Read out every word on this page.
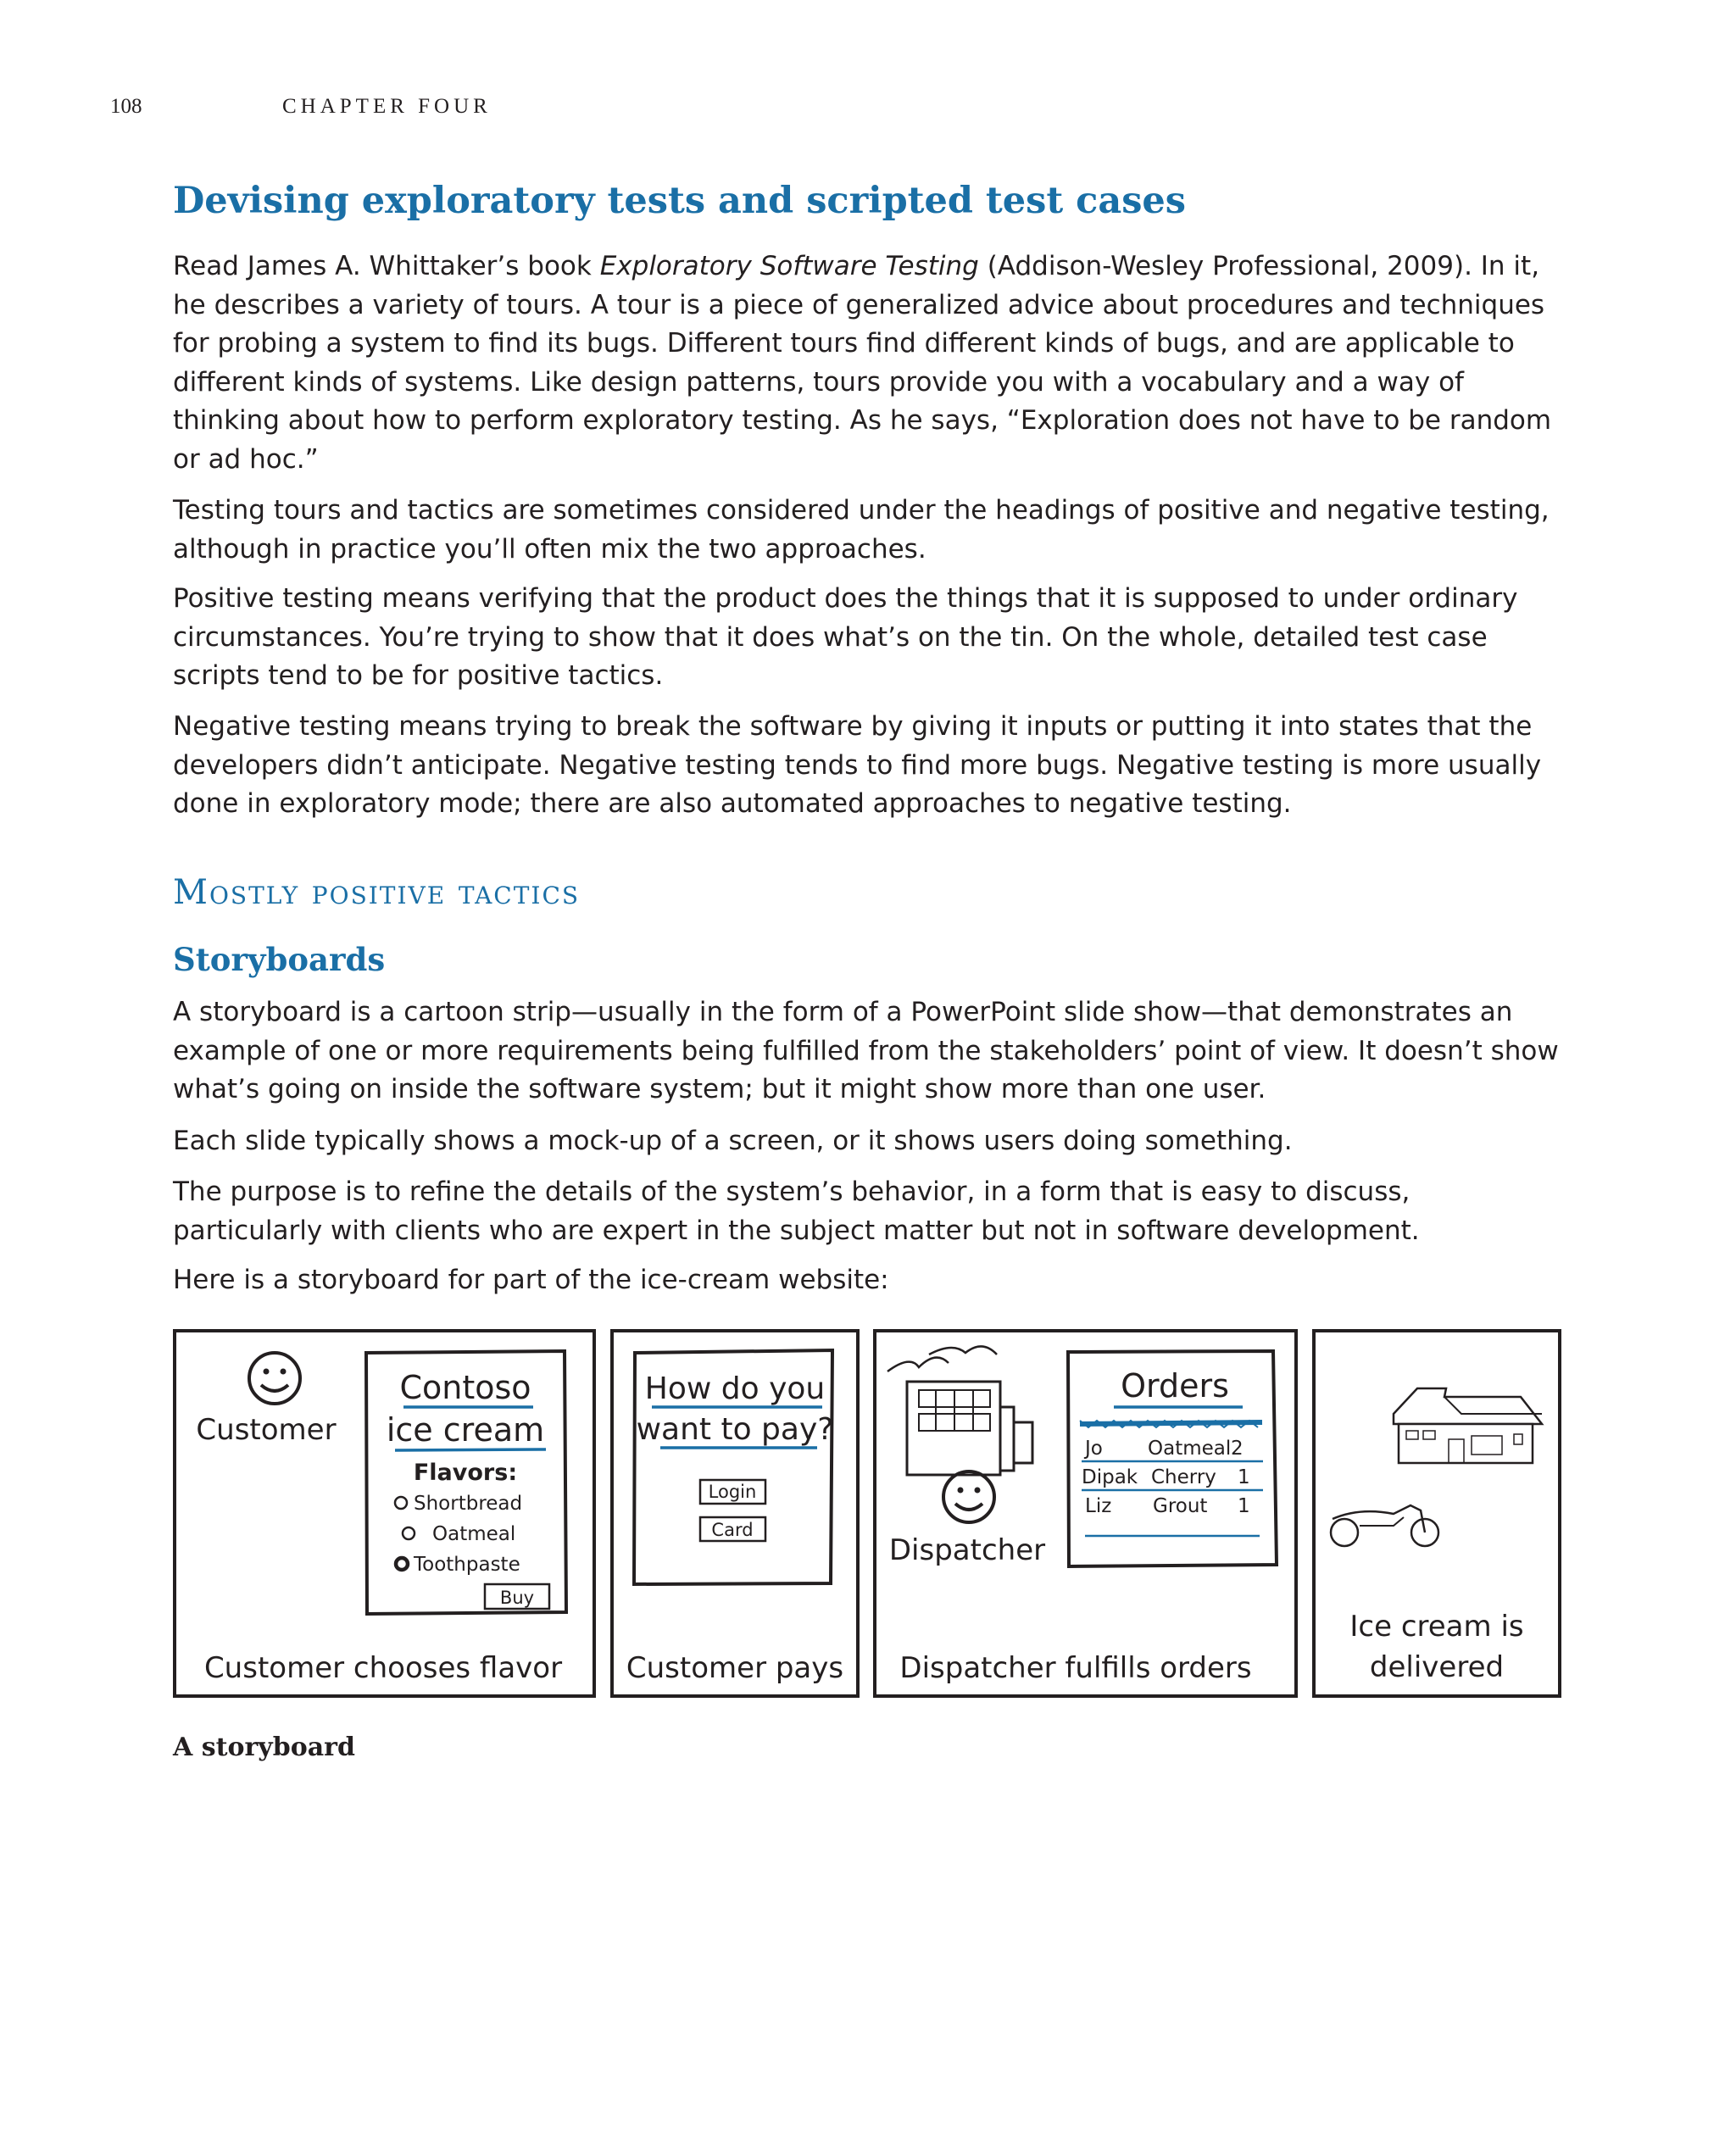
108	CHAPTER FOUR
Devising exploratory tests and scripted test cases

Read James A. Whittaker’s book Exploratory Software Testing (Addison-Wesley Professional, 2009). In it, he describes a variety of tours. A tour is a piece of generalized advice about procedures and techniques for probing a system to find its bugs. Different tours find different kinds of bugs, and are applicable to different kinds of systems. Like design patterns, tours provide you with a vocabulary and a way of thinking about how to perform exploratory testing. As he says, “Exploration does not have to be random or ad hoc.”

Testing tours and tactics are sometimes considered under the headings of positive and negative testing, although in practice you’ll often mix the two approaches.

Positive testing means verifying that the product does the things that it is supposed to under ordinary circumstances. You’re trying to show that it does what’s on the tin. On the whole, detailed test case scripts tend to be for positive tactics.

Negative testing means trying to break the software by giving it inputs or putting it into states that the developers didn’t anticipate. Negative testing tends to find more bugs. Negative testing is more usually done in exploratory mode; there are also automated approaches to negative testing.

Mostly positive tactics
Storyboards

A storyboard is a cartoon strip—usually in the form of a PowerPoint slide show—that demonstrates an example of one or more requirements being fulfilled from the stakeholders’ point of view. It doesn’t show what’s going on inside the software system; but it might show more than one user.

Each slide typically shows a mock-up of a screen, or it shows users doing something.

The purpose is to refine the details of the system’s behavior, in a form that is easy to discuss, particularly with clients who are expert in the subject matter but not in software development.

Here is a storyboard for part of the ice-cream website:

Customer
Contoso
ice cream
Flavors:
Shortbread
Oatmeal
Toothpaste
Buy
Customer chooses flavor
How do you
want to pay?
Login
Card
Customer pays
Dispatcher
Orders
Jo Oatmeal 2
Dipak Cherry 1
Liz Grout 1
Dispatcher fulfills orders
Ice cream is
delivered
A storyboard
